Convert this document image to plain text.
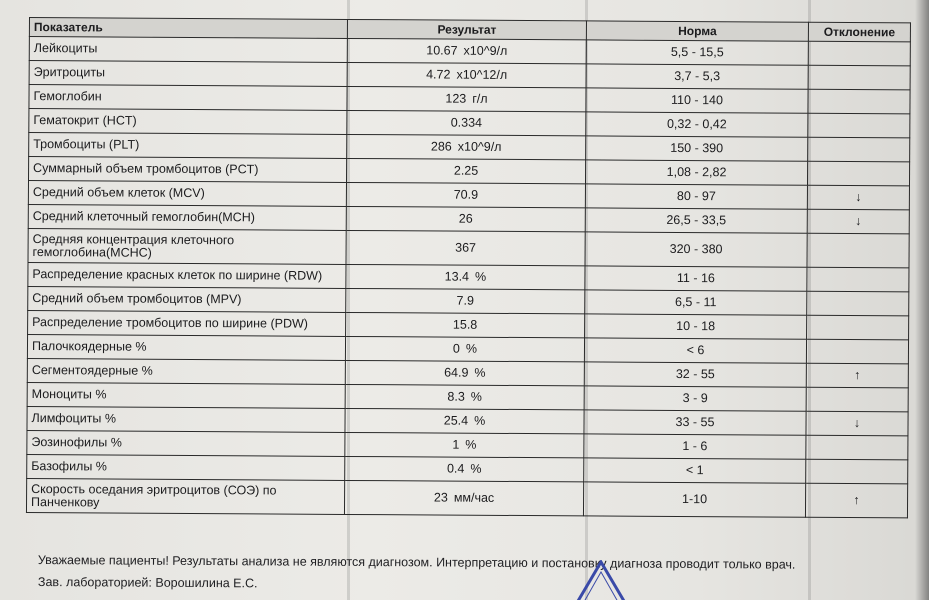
Показатель	Результат	Норма	Отклонение
Лейкоциты	10.67 x10^9/л	5,5 - 15,5	
Эритроциты	4.72 x10^12/л	3,7 - 5,3	
Гемоглобин	123 г/л	110 - 140	
Гематокрит (HCT)	0.334	0,32 - 0,42	
Тромбоциты (PLT)	286 x10^9/л	150 - 390	
Суммарный объем тромбоцитов (PCT)	2.25	1,08 - 2,82	
Средний объем клеток (MCV)	70.9	80 - 97	↓
Средний клеточный гемоглобин(MCH)	26	26,5 - 33,5	↓
Средняя концентрация клеточного гемоглобина(MCHC)	367	320 - 380	
Распределение красных клеток по ширине (RDW)	13.4 %	11 - 16	
Средний объем тромбоцитов (MPV)	7.9	6,5 - 11	
Распределение тромбоцитов по ширине (PDW)	15.8	10 - 18	
Палочкоядерные %	0 %	< 6	
Сегментоядерные %	64.9 %	32 - 55	↑
Моноциты %	8.3 %	3 - 9	
Лимфоциты %	25.4 %	33 - 55	↓
Эозинофилы %	1 %	1 - 6	
Базофилы %	0.4 %	< 1	
Скорость оседания эритроцитов (СОЭ) по Панченкову	23 мм/час	1-10	↑
Уважаемые пациенты! Результаты анализа не являются диагнозом. Интерпретацию и постановку диагноза проводит только врач.
Зав. лабораторией: Ворошилина Е.С.
